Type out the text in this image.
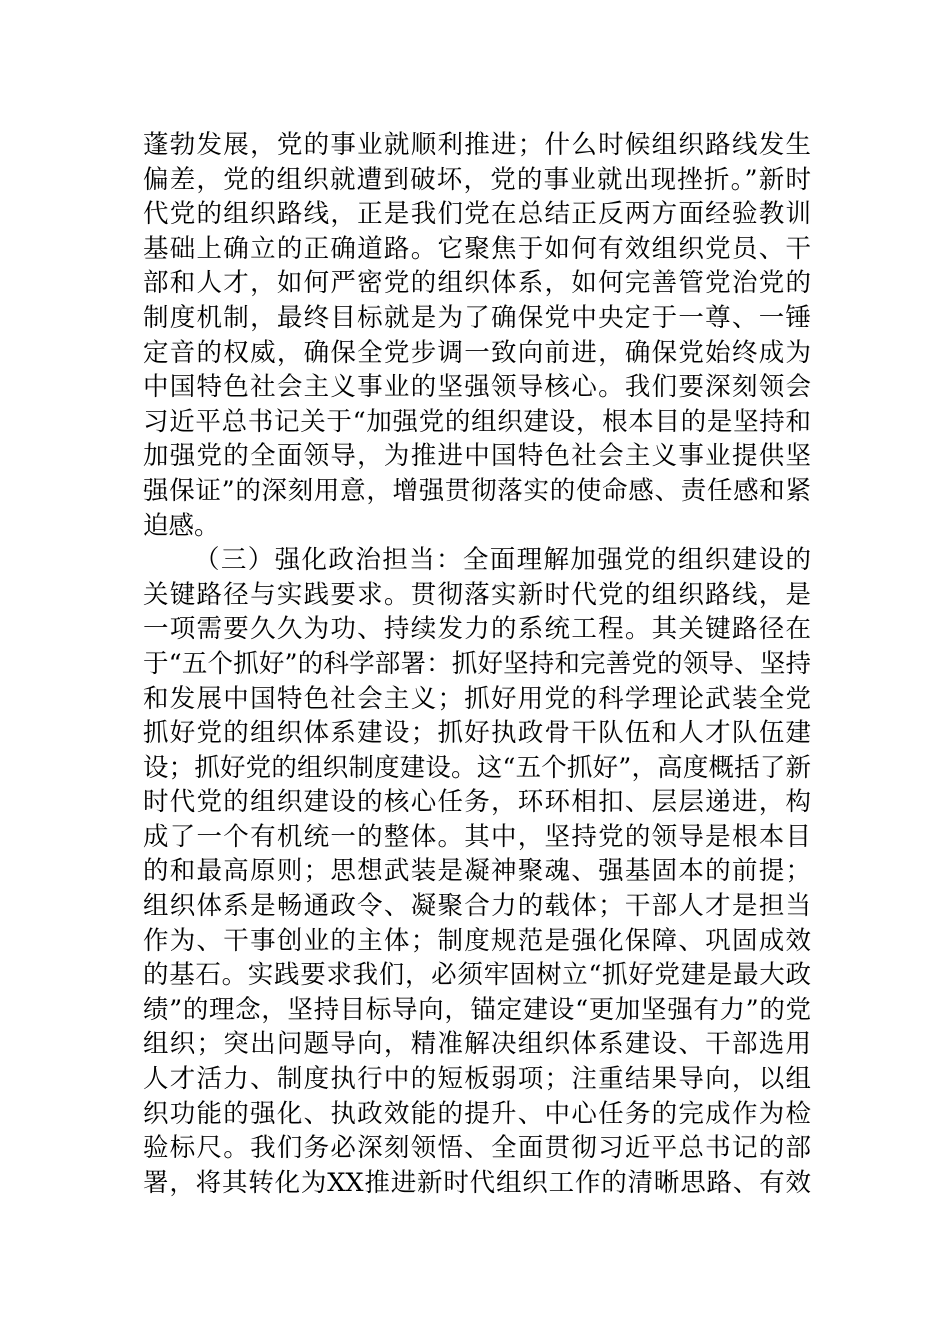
蓬勃发展，党的事业就顺利推进；什么时候组织路线发生
偏差，党的组织就遭到破坏，党的事业就出现挫折。”新时
代党的组织路线，正是我们党在总结正反两方面经验教训
基础上确立的正确道路。它聚焦于如何有效组织党员、干
部和人才，如何严密党的组织体系，如何完善管党治党的
制度机制，最终目标就是为了确保党中央定于一尊、一锤
定音的权威，确保全党步调一致向前进，确保党始终成为
中国特色社会主义事业的坚强领导核心。我们要深刻领会
习近平总书记关于“加强党的组织建设，根本目的是坚持和
加强党的全面领导，为推进中国特色社会主义事业提供坚
强保证”的深刻用意，增强贯彻落实的使命感、责任感和紧
迫感。
（三）强化政治担当：全面理解加强党的组织建设的
关键路径与实践要求。贯彻落实新时代党的组织路线，是
一项需要久久为功、持续发力的系统工程。其关键路径在
于“五个抓好”的科学部署：抓好坚持和完善党的领导、坚持
和发展中国特色社会主义；抓好用党的科学理论武装全党
抓好党的组织体系建设；抓好执政骨干队伍和人才队伍建
设；抓好党的组织制度建设。这“五个抓好”，高度概括了新
时代党的组织建设的核心任务，环环相扣、层层递进，构
成了一个有机统一的整体。其中，坚持党的领导是根本目
的和最高原则；思想武装是凝神聚魂、强基固本的前提；
组织体系是畅通政令、凝聚合力的载体；干部人才是担当
作为、干事创业的主体；制度规范是强化保障、巩固成效
的基石。实践要求我们，必须牢固树立“抓好党建是最大政
绩”的理念，坚持目标导向，锚定建设“更加坚强有力”的党
组织；突出问题导向，精准解决组织体系建设、干部选用
人才活力、制度执行中的短板弱项；注重结果导向，以组
织功能的强化、执政效能的提升、中心任务的完成作为检
验标尺。我们务必深刻领悟、全面贯彻习近平总书记的部
署，将其转化为XX推进新时代组织工作的清晰思路、有效
